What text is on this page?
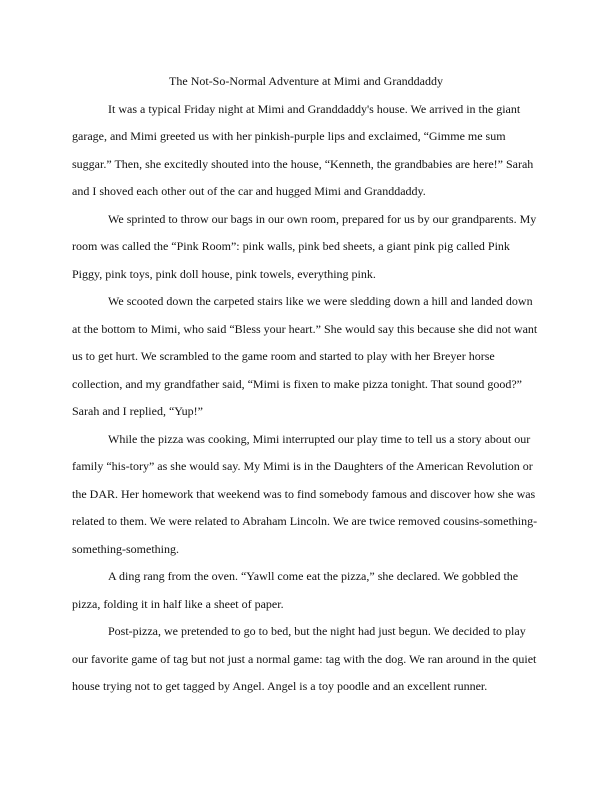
The Not-So-Normal Adventure at Mimi and Granddaddy

It was a typical Friday night at Mimi and Granddaddy's house. We arrived in the giant garage, and Mimi greeted us with her pinkish-purple lips and exclaimed, “Gimme me sum suggar.” Then, she excitedly shouted into the house, “Kenneth, the grandbabies are here!” Sarah and I shoved each other out of the car and hugged Mimi and Granddaddy.

We sprinted to throw our bags in our own room, prepared for us by our grandparents. My room was called the “Pink Room”: pink walls, pink bed sheets, a giant pink pig called Pink Piggy, pink toys, pink doll house, pink towels, everything pink.

We scooted down the carpeted stairs like we were sledding down a hill and landed down at the bottom to Mimi, who said “Bless your heart.” She would say this because she did not want us to get hurt. We scrambled to the game room and started to play with her Breyer horse collection, and my grandfather said, “Mimi is fixen to make pizza tonight. That sound good?” Sarah and I replied, “Yup!”

While the pizza was cooking, Mimi interrupted our play time to tell us a story about our family “his-tory” as she would say. My Mimi is in the Daughters of the American Revolution or the DAR. Her homework that weekend was to find somebody famous and discover how she was related to them. We were related to Abraham Lincoln. We are twice removed cousins-something-something-something.

A ding rang from the oven. “Yawll come eat the pizza,” she declared. We gobbled the pizza, folding it in half like a sheet of paper.

Post-pizza, we pretended to go to bed, but the night had just begun. We decided to play our favorite game of tag but not just a normal game: tag with the dog. We ran around in the quiet house trying not to get tagged by Angel. Angel is a toy poodle and an excellent runner.
